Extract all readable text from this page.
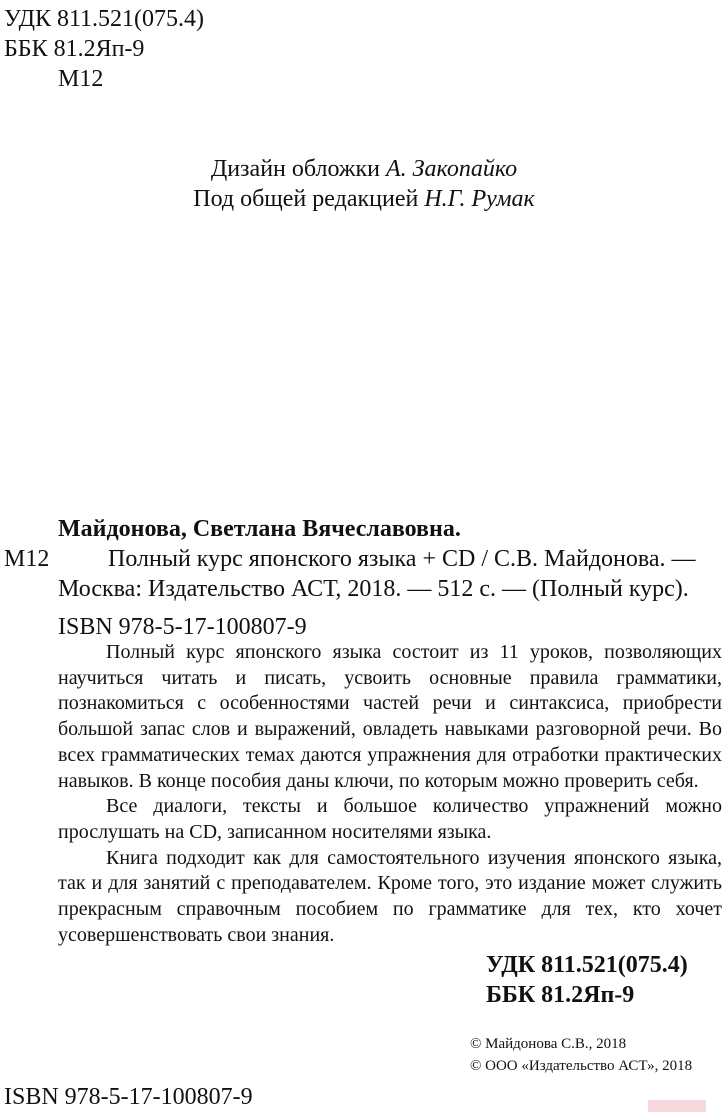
УДК 811.521(075.4)
ББК 81.2Яп-9
М12
Дизайн обложки А. Закопайко
Под общей редакцией Н.Г. Румак
Майдонова, Светлана Вячеславовна.
М12 Полный курс японского языка + CD / С.В. Майдонова. —
Москва: Издательство АСТ, 2018. — 512 с. — (Полный курс).
ISBN 978-5-17-100807-9

Полный курс японского языка состоит из 11 уроков, позволяющих научиться читать и писать, усвоить основные правила грамматики, познакомиться с особенностями частей речи и синтаксиса, приобрести большой запас слов и выражений, овладеть навыками разговорной речи. Во всех грамматических темах даются упражнения для отработки практических навыков. В конце пособия даны ключи, по которым можно проверить себя.

Все диалоги, тексты и большое количество упражнений можно прослушать на CD, записанном носителями языка.

Книга подходит как для самостоятельного изучения японского языка, так и для занятий с преподавателем. Кроме того, это издание может служить прекрасным справочным пособием по грамматике для тех, кто хочет усовершенствовать свои знания.

УДК 811.521(075.4)
ББК 81.2Яп-9
© Майдонова С.В., 2018
© ООО «Издательство АСТ», 2018
ISBN 978-5-17-100807-9
